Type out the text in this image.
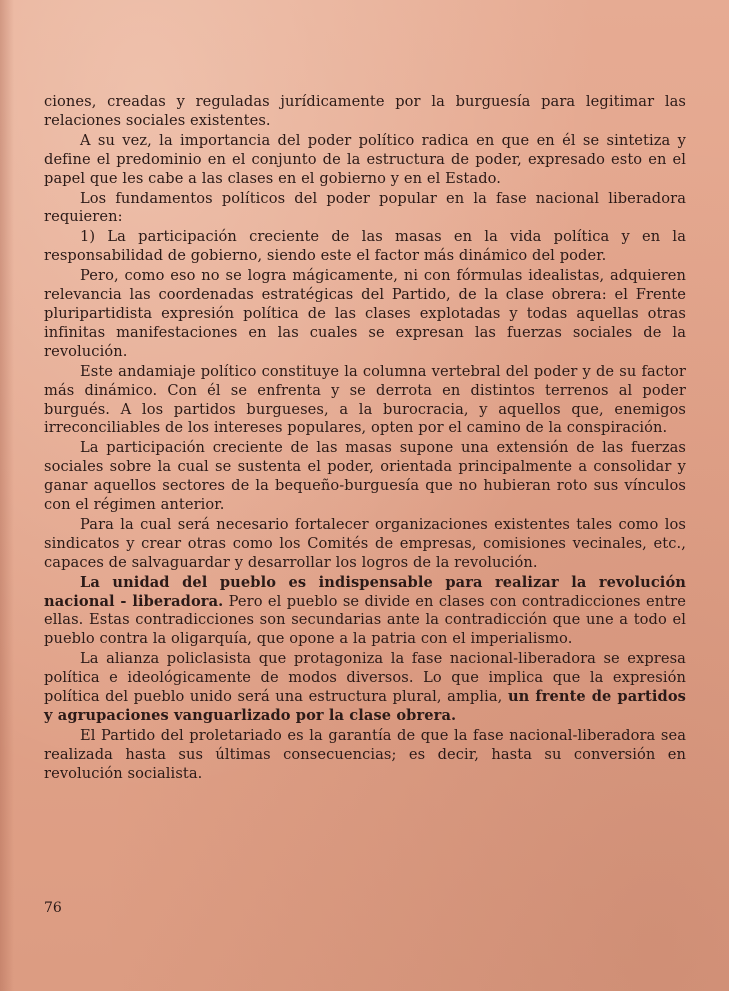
ciones, creadas y reguladas jurídicamente por la burguesía para legitimar las relaciones sociales existentes.

A su vez, la importancia del poder político radica en que en él se sintetiza y define el predominio en el conjunto de la estructura de poder, expresado esto en el papel que les cabe a las clases en el gobierno y en el Estado.

Los fundamentos políticos del poder popular en la fase nacional liberadora requieren:

1) La participación creciente de las masas en la vida política y en la responsabilidad de gobierno, siendo este el factor más dinámico del poder.

Pero, como eso no se logra mágicamente, ni con fórmulas idealistas, adquieren relevancia las coordenadas estratégicas del Partido, de la clase obrera: el Frente pluripartidista expresión política de las clases explotadas y todas aquellas otras infinitas manifestaciones en las cuales se expresan las fuerzas sociales de la revolución.

Este andamiaje político constituye la columna vertebral del poder y de su factor más dinámico. Con él se enfrenta y se derrota en distintos terrenos al poder burgués. A los partidos burgueses, a la burocracia, y aquellos que, enemigos irreconciliables de los intereses populares, opten por el camino de la conspiración.

La participación creciente de las masas supone una extensión de las fuerzas sociales sobre la cual se sustenta el poder, orientada principalmente a consolidar y ganar aquellos sectores de la bequeño-burguesía que no hubieran roto sus vínculos con el régimen anterior.

Para la cual será necesario fortalecer organizaciones existentes tales como los sindicatos y crear otras como los Comités de empresas, comisiones vecinales, etc., capaces de salvaguardar y desarrollar los logros de la revolución.

La unidad del pueblo es indispensable para realizar la revolución nacional - liberadora. Pero el pueblo se divide en clases con contradicciones entre ellas. Estas contradicciones son secundarias ante la contradicción que une a todo el pueblo contra la oligarquía, que opone a la patria con el imperialismo.

La alianza policlasista que protagoniza la fase nacional-liberadora se expresa política e ideológicamente de modos diversos. Lo que implica que la expresión política del pueblo unido será una estructura plural, amplia, un frente de partidos y agrupaciones vanguarlizado por la clase obrera.

El Partido del proletariado es la garantía de que la fase nacional-liberadora sea realizada hasta sus últimas consecuencias; es decir, hasta su conversión en revolución socialista.

76
